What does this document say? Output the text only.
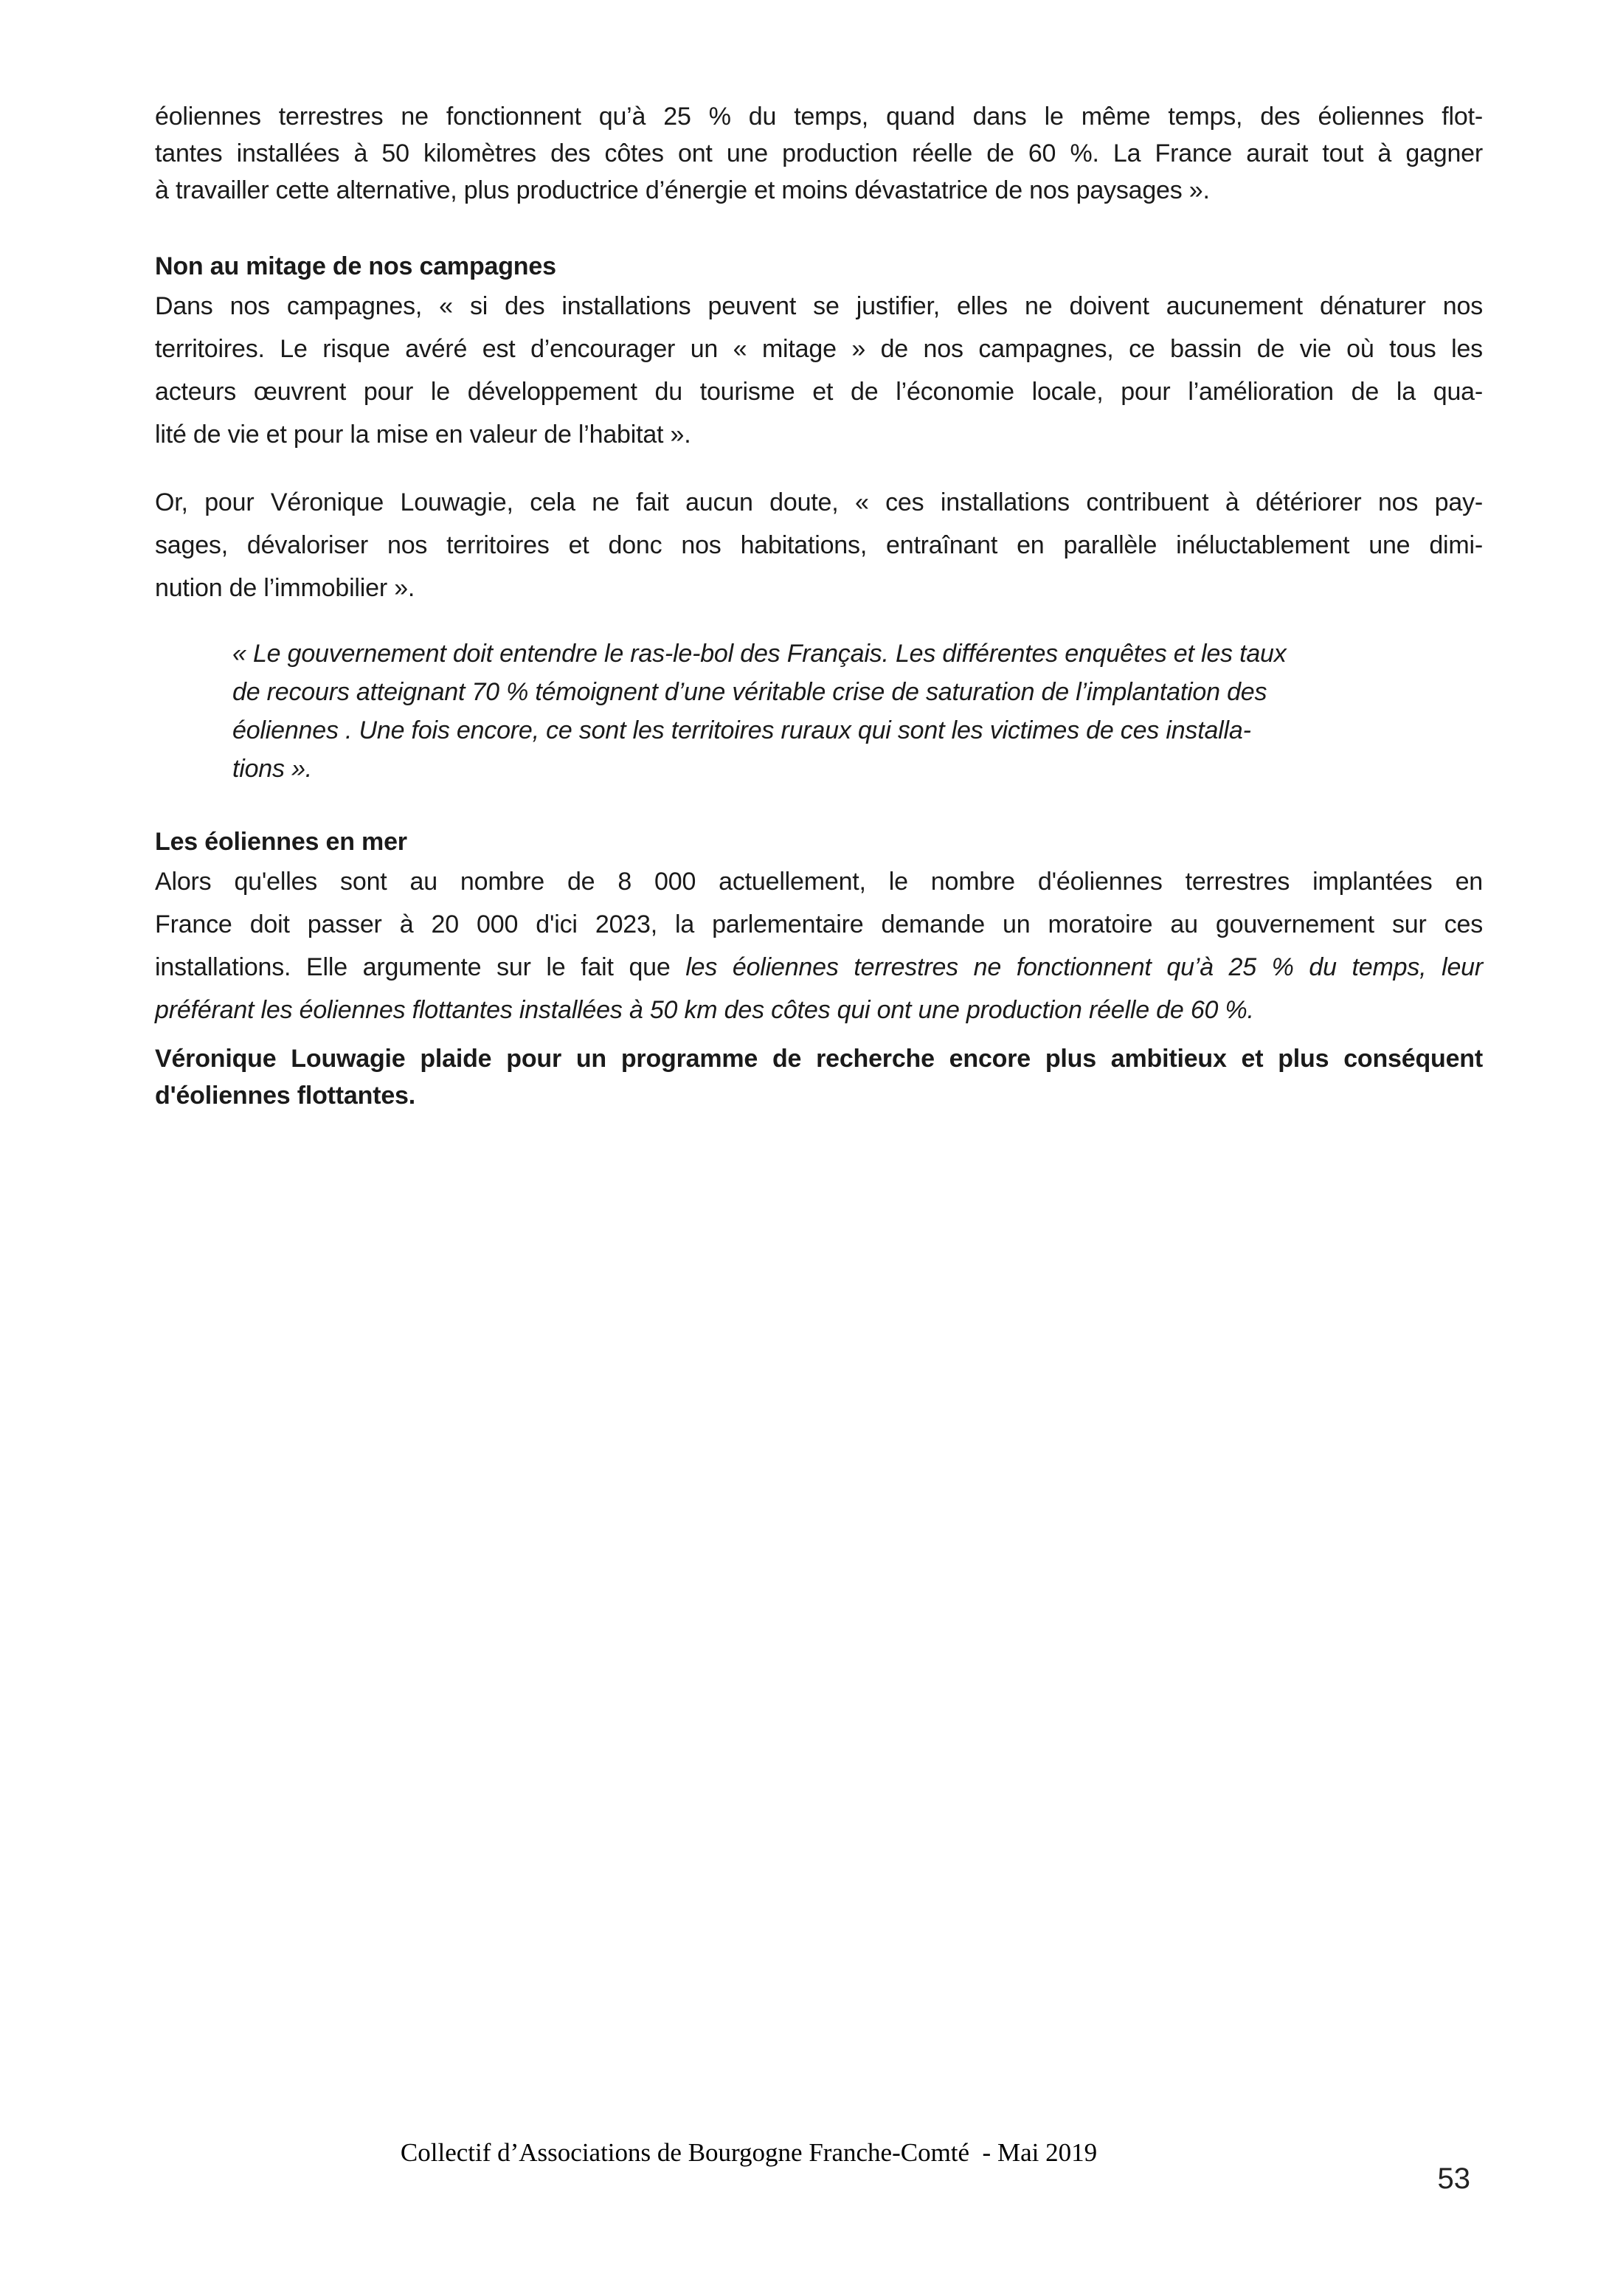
éoliennes terrestres ne fonctionnent qu’à 25 % du temps, quand dans le même temps, des éoliennes flot-
tantes installées à 50 kilomètres des côtes ont une production réelle de 60 %. La France aurait tout à gagner
à travailler cette alternative, plus productrice d’énergie et moins dévastatrice de nos paysages ».
Non au mitage de nos campagnes
Dans nos campagnes, « si des installations peuvent se justifier, elles ne doivent aucunement dénaturer nos
territoires. Le risque avéré est d’encourager un « mitage » de nos campagnes, ce bassin de vie où tous les
acteurs œuvrent pour le développement du tourisme et de l’économie locale, pour l’amélioration de la qua-
lité de vie et pour la mise en valeur de l’habitat ».
Or, pour Véronique Louwagie, cela ne fait aucun doute, « ces installations contribuent à détériorer nos pay-
sages, dévaloriser nos territoires et donc nos habitations, entraînant en parallèle inéluctablement une dimi-
nution de l’immobilier ».
« Le gouvernement doit entendre le ras-le-bol des Français. Les différentes enquêtes et les taux
de recours atteignant 70 % témoignent d’une véritable crise de saturation de l’implantation des
éoliennes . Une fois encore, ce sont les territoires ruraux qui sont les victimes de ces installa-
tions ».
Les éoliennes en mer
Alors qu'elles sont au nombre de 8 000 actuellement, le nombre d'éoliennes terrestres implantées en
France doit passer à 20 000 d'ici 2023, la parlementaire demande un moratoire au gouvernement sur ces
installations. Elle argumente sur le fait que les éoliennes terrestres ne fonctionnent qu’à 25 % du temps, leur
préférant les éoliennes flottantes installées à 50 km des côtes qui ont une production réelle de 60 %.
Véronique Louwagie plaide pour un programme de recherche encore plus ambitieux et plus conséquent
d'éoliennes flottantes.
Collectif d’Associations de Bourgogne Franche-Comté  - Mai 2019
53
